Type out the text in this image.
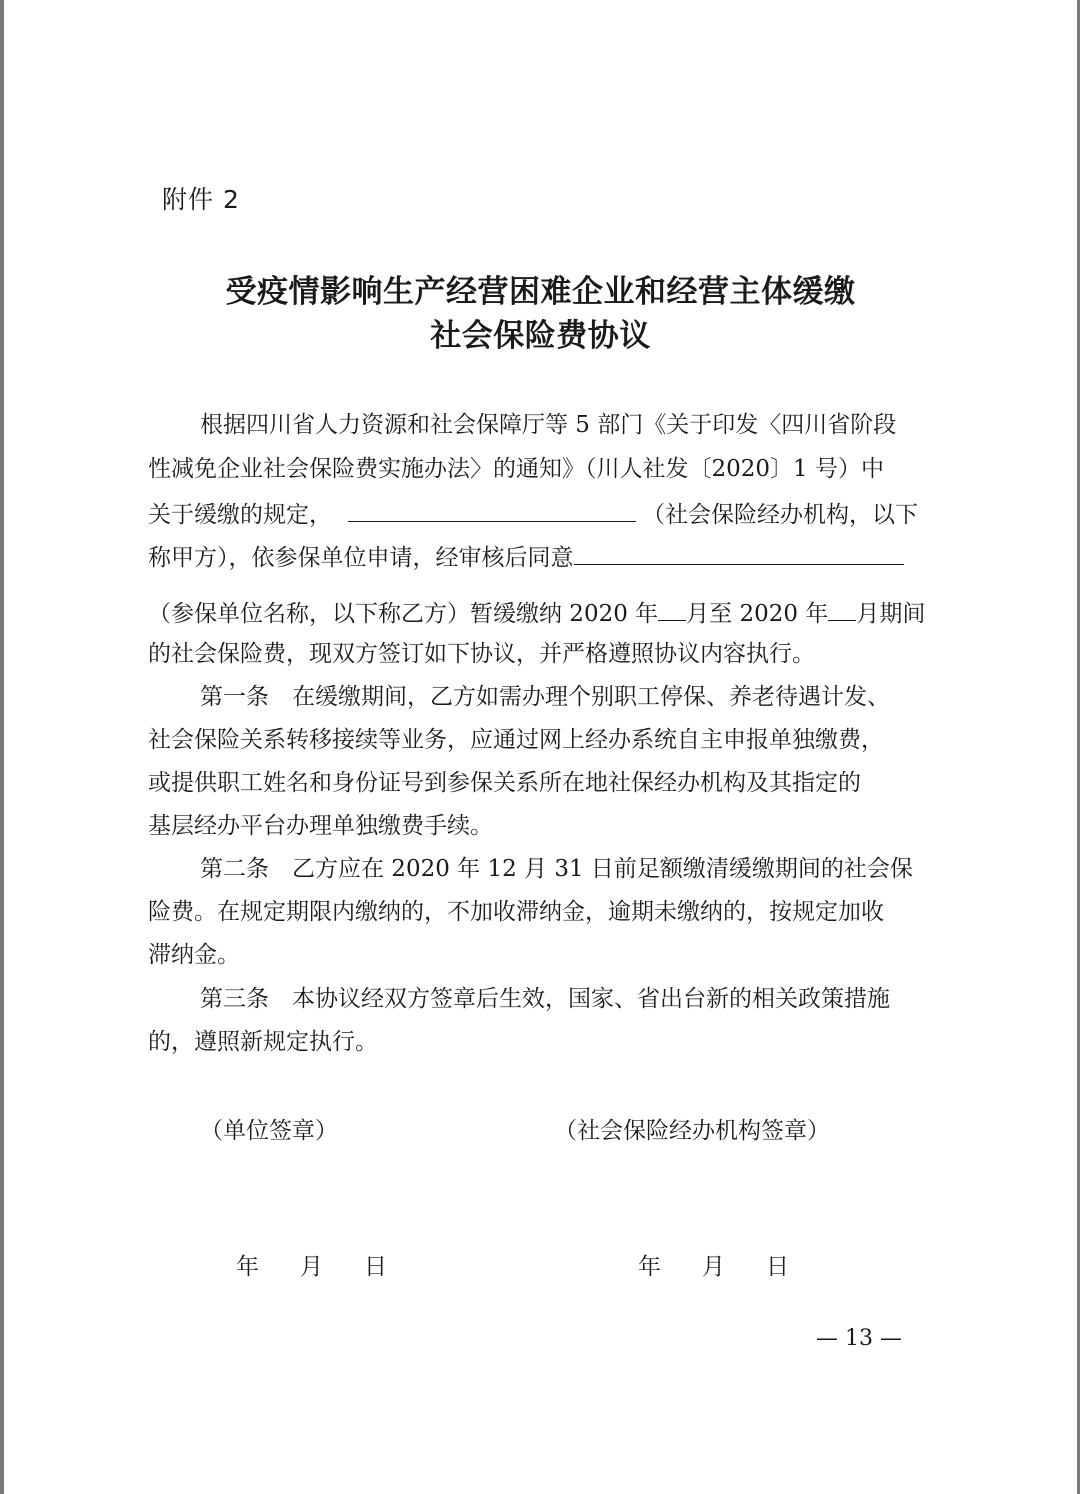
附件 2
受疫情影响生产经营困难企业和经营主体缓缴
社会保险费协议
根据四川省人力资源和社会保障厅等 5 部门《关于印发〈四川省阶段
性减免企业社会保险费实施办法〉的通知》（川人社发〔2020〕1 号）中
关于缓缴的规定，	（社会保险经办机构，以下
称甲方），依参保单位申请，经审核后同意
（参保单位名称，以下称乙方）暂缓缴纳 2020 年 月至 2020 年 月期间
的社会保险费，现双方签订如下协议，并严格遵照协议内容执行。
第一条　在缓缴期间，乙方如需办理个别职工停保、养老待遇计发、
社会保险关系转移接续等业务，应通过网上经办系统自主申报单独缴费，
或提供职工姓名和身份证号到参保关系所在地社保经办机构及其指定的
基层经办平台办理单独缴费手续。
第二条　乙方应在 2020 年 12 月 31 日前足额缴清缓缴期间的社会保
险费。在规定期限内缴纳的，不加收滞纳金，逾期未缴纳的，按规定加收
滞纳金。
第三条　本协议经双方签章后生效，国家、省出台新的相关政策措施
的，遵照新规定执行。
（单位签章）	（社会保险经办机构签章）
年 月 日	年 月 日
— 13 —
